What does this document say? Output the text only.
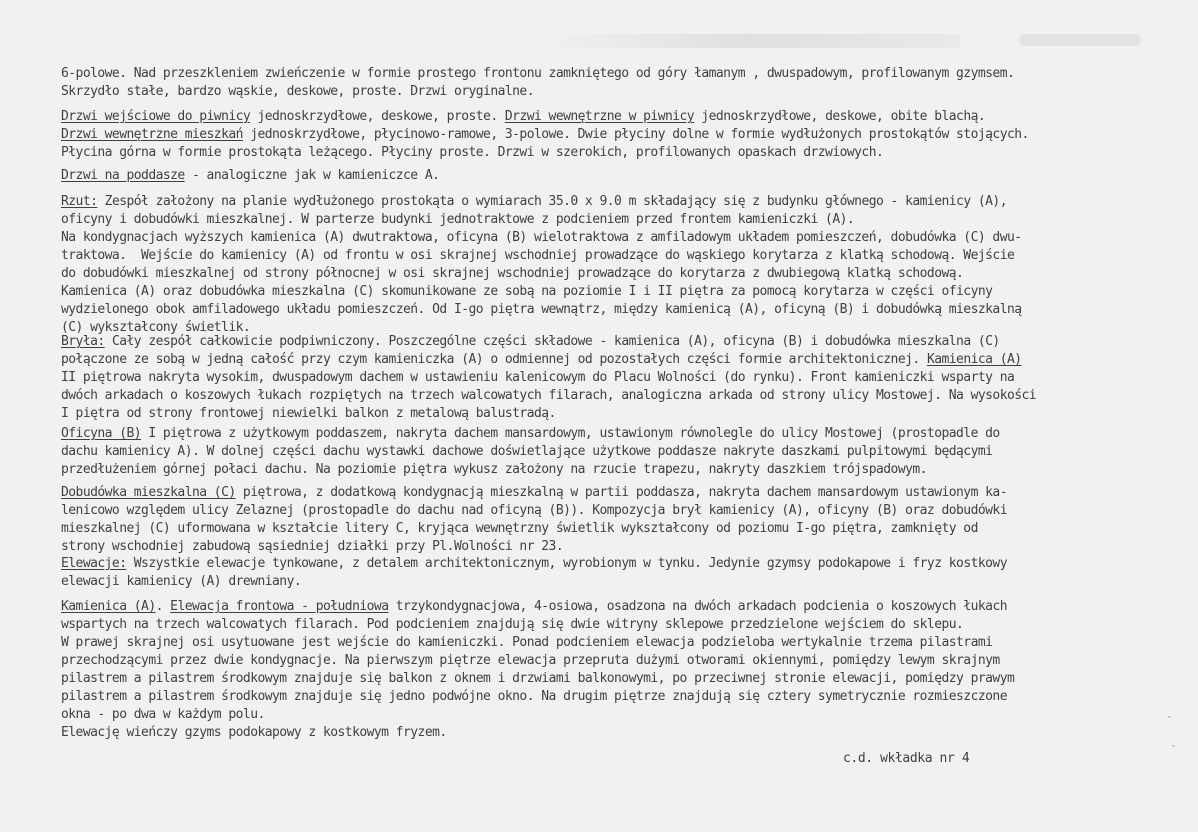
6-polowe. Nad przeszkleniem zwieńczenie w formie prostego frontonu zamkniętego od góry łamanym , dwuspadowym, profilowanym gzymsem.
Skrzydło stałe, bardzo wąskie, deskowe, proste. Drzwi oryginalne.
Drzwi wejściowe do piwnicy jednoskrzydłowe, deskowe, proste. Drzwi wewnętrzne w piwnicy jednoskrzydłowe, deskowe, obite blachą.
Drzwi wewnętrzne mieszkań jednoskrzydłowe, płycinowo-ramowe, 3-polowe. Dwie płyciny dolne w formie wydłużonych prostokątów stojących.
Płycina górna w formie prostokąta leżącego. Płyciny proste. Drzwi w szerokich, profilowanych opaskach drzwiowych.
Drzwi na poddasze - analogiczne jak w kamieniczce A.
Rzut: Zespół założony na planie wydłużonego prostokąta o wymiarach 35.0 x 9.0 m składający się z budynku głównego - kamienicy (A),
oficyny i dobudówki mieszkalnej. W parterze budynki jednotraktowe z podcieniem przed frontem kamieniczki (A).
Na kondygnacjach wyższych kamienica (A) dwutraktowa, oficyna (B) wielotraktowa z amfiladowym układem pomieszczeń, dobudówka (C) dwu-
traktowa.  Wejście do kamienicy (A) od frontu w osi skrajnej wschodniej prowadzące do wąskiego korytarza z klatką schodową. Wejście
do dobudówki mieszkalnej od strony północnej w osi skrajnej wschodniej prowadzące do korytarza z dwubiegową klatką schodową.
Kamienica (A) oraz dobudówka mieszkalna (C) skomunikowane ze sobą na poziomie I i II piętra za pomocą korytarza w części oficyny
wydzielonego obok amfiladowego układu pomieszczeń. Od I-go piętra wewnątrz, między kamienicą (A), oficyną (B) i dobudówką mieszkalną
(C) wykształcony świetlik.
Bryła: Cały zespół całkowicie podpiwniczony. Poszczególne części składowe - kamienica (A), oficyna (B) i dobudówka mieszkalna (C)
połączone ze sobą w jedną całość przy czym kamieniczka (A) o odmiennej od pozostałych części formie architektonicznej. Kamienica (A)
II piętrowa nakryta wysokim, dwuspadowym dachem w ustawieniu kalenicowym do Placu Wolności (do rynku). Front kamieniczki wsparty na
dwóch arkadach o koszowych łukach rozpiętych na trzech walcowatych filarach, analogiczna arkada od strony ulicy Mostowej. Na wysokości
I piętra od strony frontowej niewielki balkon z metalową balustradą.
Oficyna (B) I piętrowa z użytkowym poddaszem, nakryta dachem mansardowym, ustawionym równolegle do ulicy Mostowej (prostopadle do
dachu kamienicy A). W dolnej części dachu wystawki dachowe doświetlające użytkowe poddasze nakryte daszkami pulpitowymi będącymi
przedłużeniem górnej połaci dachu. Na poziomie piętra wykusz założony na rzucie trapezu, nakryty daszkiem trójspadowym.
Dobudówka mieszkalna (C) piętrowa, z dodatkową kondygnacją mieszkalną w partii poddasza, nakryta dachem mansardowym ustawionym ka-
lenicowo względem ulicy Zelaznej (prostopadle do dachu nad oficyną (B)). Kompozycja brył kamienicy (A), oficyny (B) oraz dobudówki
mieszkalnej (C) uformowana w kształcie litery C, kryjąca wewnętrzny świetlik wykształcony od poziomu I-go piętra, zamknięty od
strony wschodniej zabudową sąsiedniej działki przy Pl.Wolności nr 23.
Elewacje: Wszystkie elewacje tynkowane, z detalem architektonicznym, wyrobionym w tynku. Jedynie gzymsy podokapowe i fryz kostkowy
elewacji kamienicy (A) drewniany.
Kamienica (A). Elewacja frontowa - południowa trzykondygnacjowa, 4-osiowa, osadzona na dwóch arkadach podcienia o koszowych łukach
wspartych na trzech walcowatych filarach. Pod podcieniem znajdują się dwie witryny sklepowe przedzielone wejściem do sklepu.
W prawej skrajnej osi usytuowane jest wejście do kamieniczki. Ponad podcieniem elewacja podzieloba wertykalnie trzema pilastrami
przechodzącymi przez dwie kondygnacje. Na pierwszym piętrze elewacja przepruta dużymi otworami okiennymi, pomiędzy lewym skrajnym
pilastrem a pilastrem środkowym znajduje się balkon z oknem i drzwiami balkonowymi, po przeciwnej stronie elewacji, pomiędzy prawym
pilastrem a pilastrem środkowym znajduje się jedno podwójne okno. Na drugim piętrze znajdują się cztery symetrycznie rozmieszczone
okna - po dwa w każdym polu.
Elewację wieńczy gzyms podokapowy z kostkowym fryzem.
c.d. wkładka nr 4
